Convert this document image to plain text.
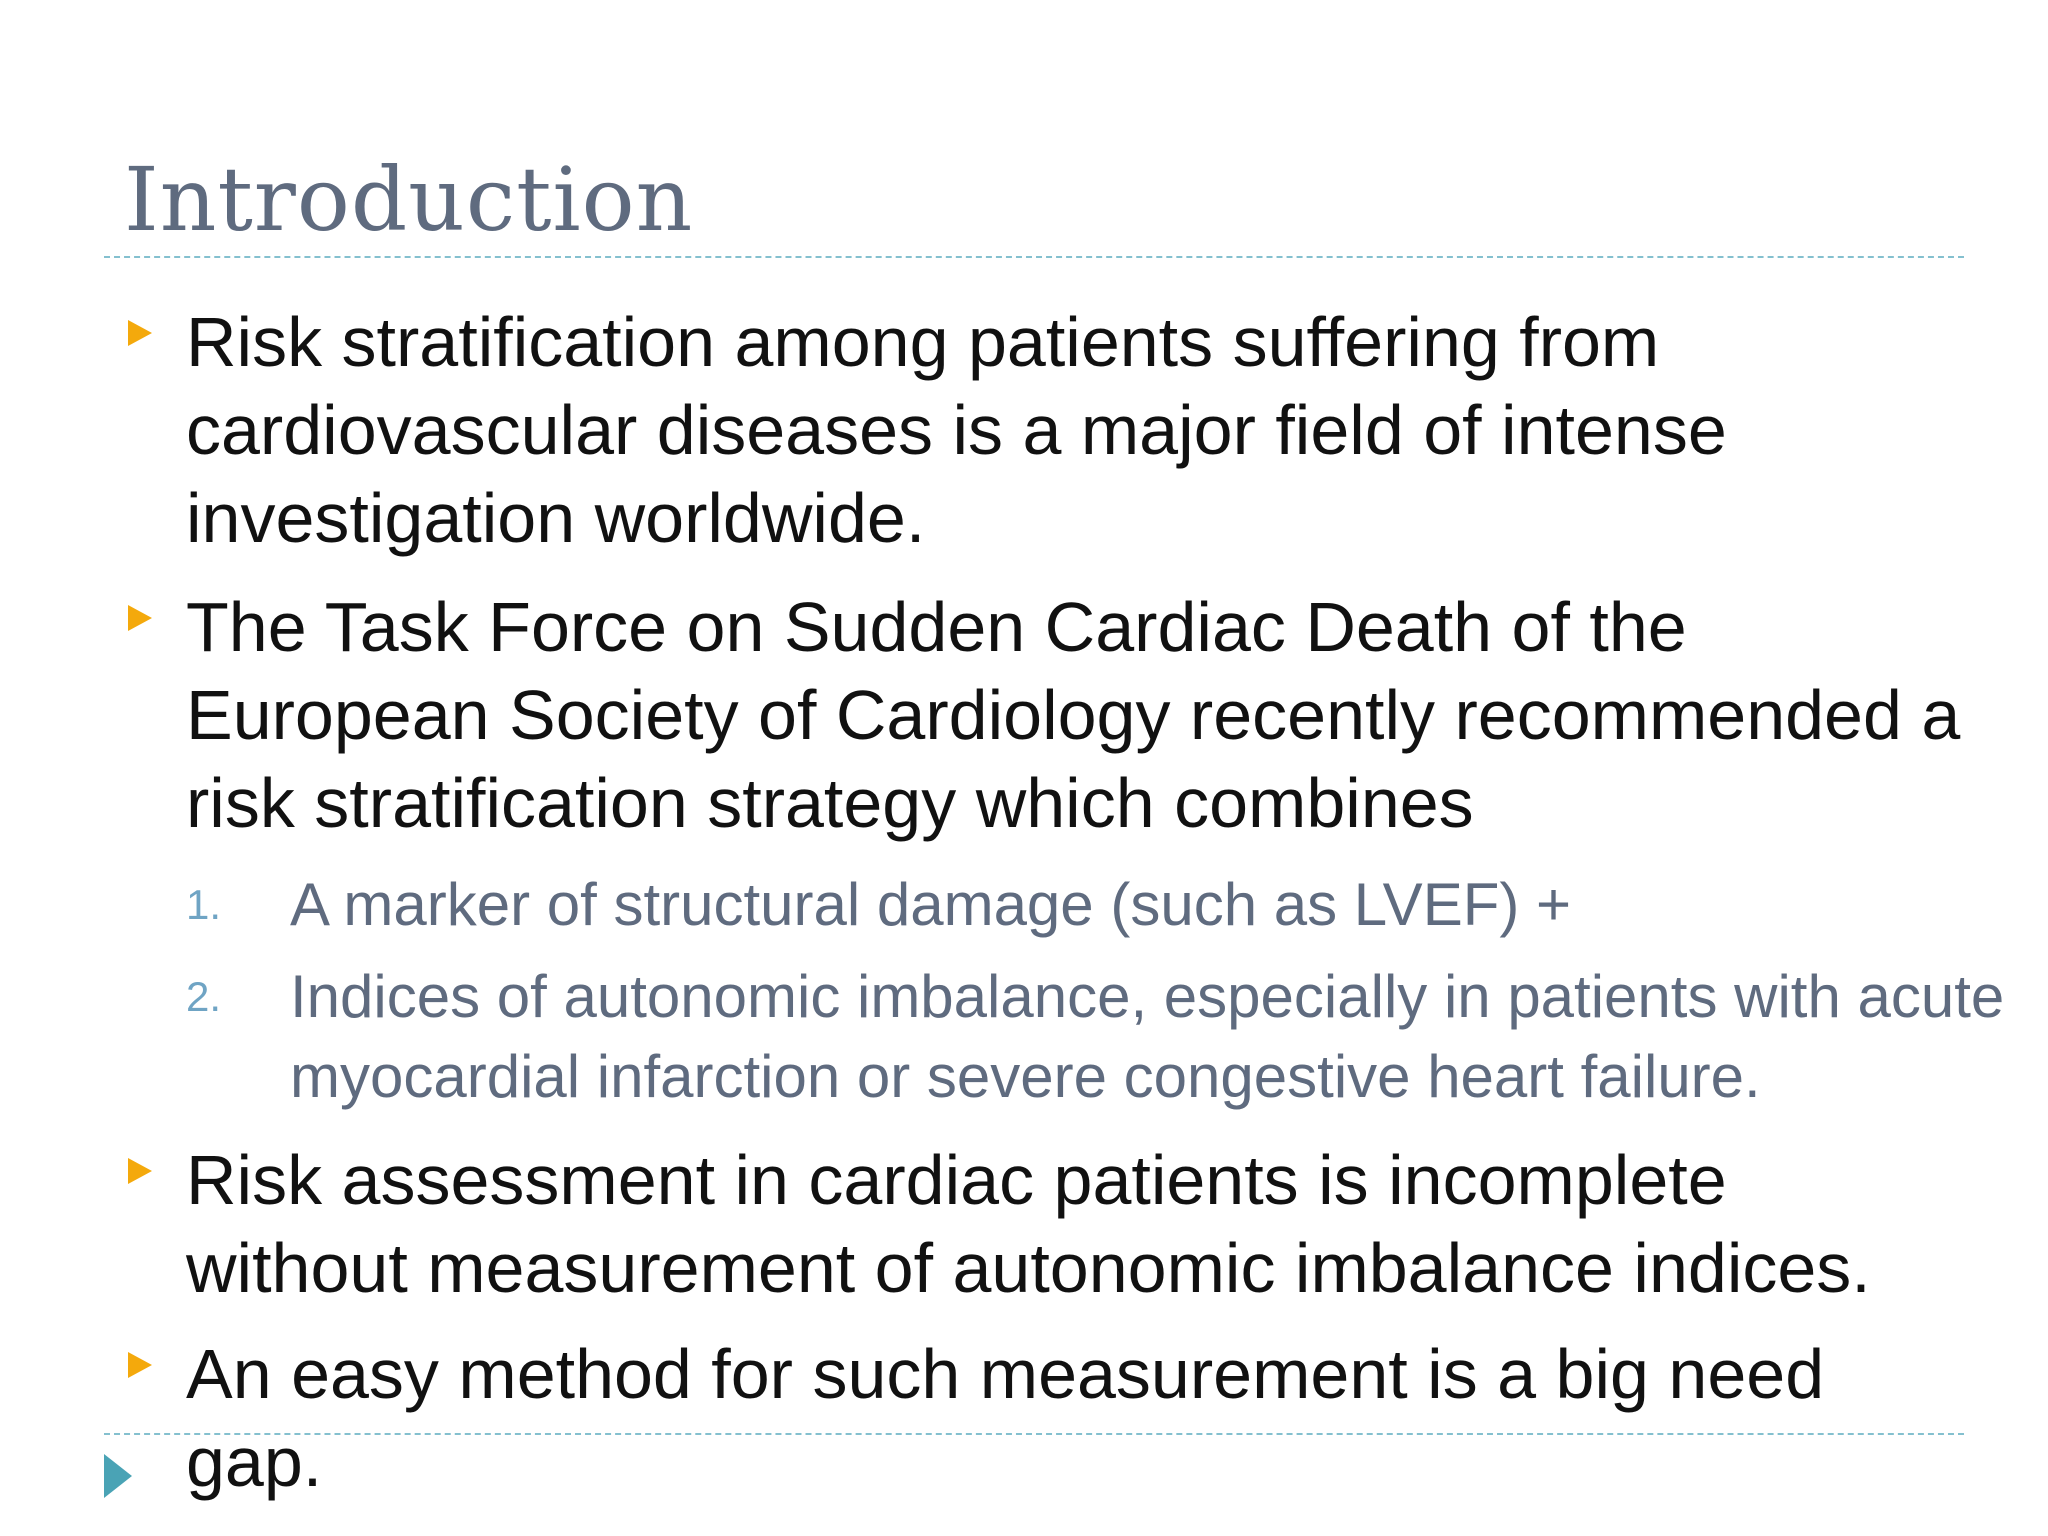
Introduction
Risk stratification among patients suffering from cardiovascular diseases is a major field of intense investigation worldwide.
The Task Force on Sudden Cardiac Death of the European Society of Cardiology recently recommended a risk stratification strategy which combines
1. A marker of structural damage (such as LVEF) +
2. Indices of autonomic imbalance, especially in patients with acute myocardial infarction or severe congestive heart failure.
Risk assessment in cardiac patients is incomplete without measurement of autonomic imbalance indices.
An easy method for such measurement is a big need gap.
